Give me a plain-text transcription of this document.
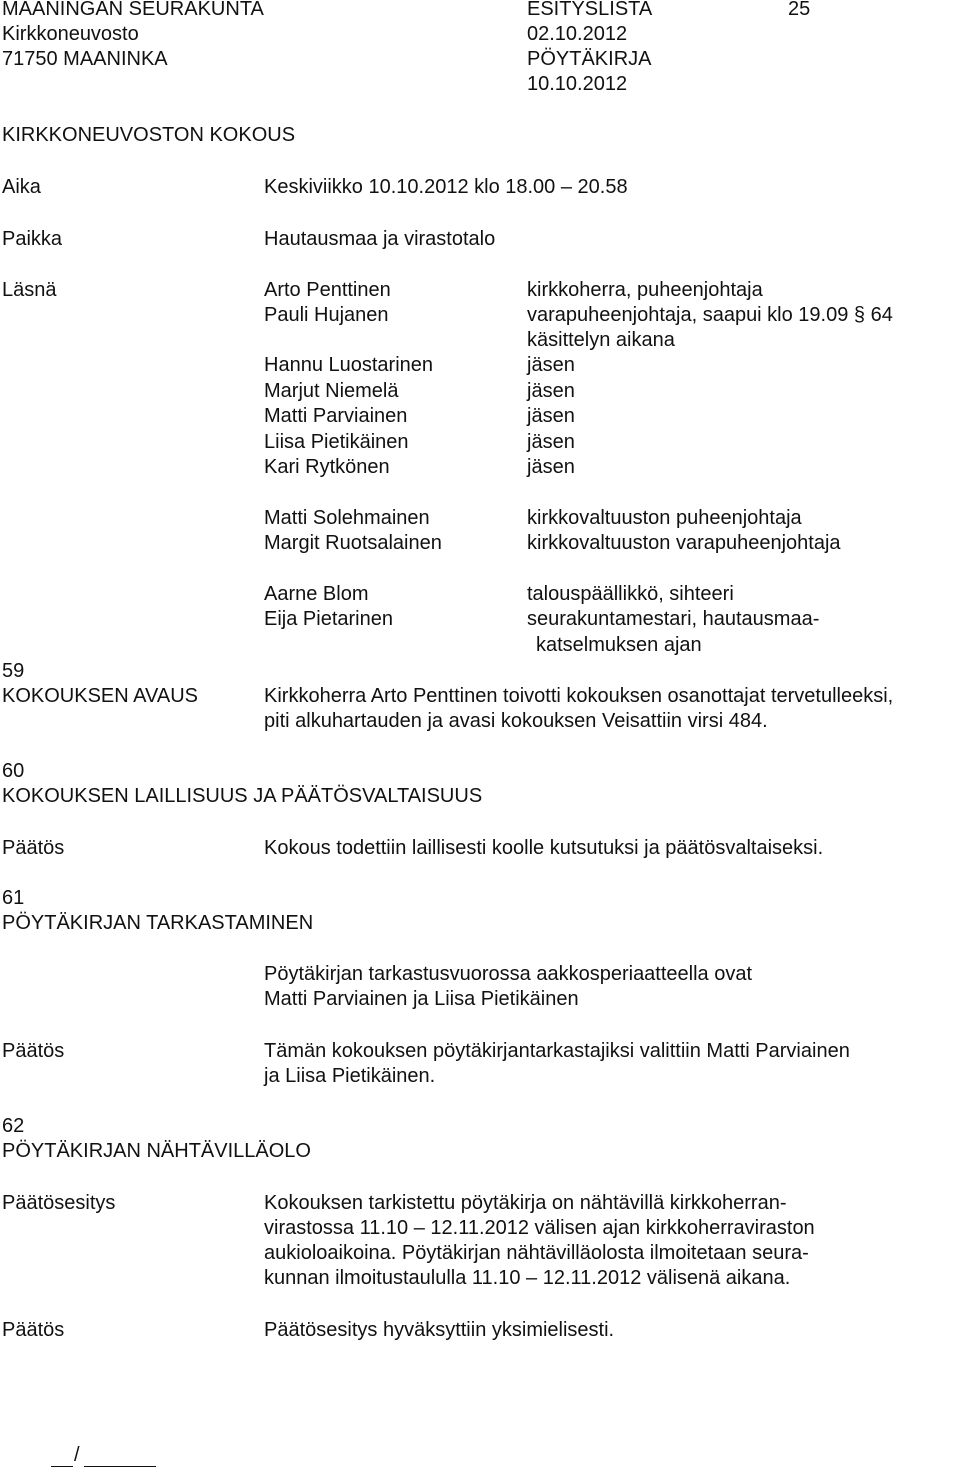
MAANINGAN SEURAKUNTA
Kirkkoneuvosto
71750 MAANINKA
ESITYSLISTA
02.10.2012
PÖYTÄKIRJA
10.10.2012
25
KIRKKONEUVOSTON KOKOUS
Aika	Keskiviikko 10.10.2012 klo 18.00 – 20.58
Paikka	Hautausmaa ja virastotalo
Läsnä	Arto Penttinen	kirkkoherra, puheenjohtaja
Pauli Hujanen	varapuheenjohtaja, saapui klo 19.09 § 64
käsittelyn aikana
Hannu Luostarinen	jäsen
Marjut Niemelä	jäsen
Matti Parviainen	jäsen
Liisa Pietikäinen	jäsen
Kari Rytkönen	jäsen
Matti Solehmainen	kirkkovaltuuston puheenjohtaja
Margit Ruotsalainen	kirkkovaltuuston varapuheenjohtaja
Aarne Blom	talouspäällikkö, sihteeri
Eija Pietarinen	seurakuntamestari, hautausmaa-
katselmuksen ajan
59
KOKOUKSEN AVAUS	Kirkkoherra Arto Penttinen toivotti kokouksen osanottajat tervetulleeksi,
piti alkuhartauden ja avasi kokouksen Veisattiin virsi 484.
60
KOKOUKSEN LAILLISUUS JA PÄÄTÖSVALTAISUUS
Päätös	Kokous todettiin laillisesti koolle kutsutuksi ja päätösvaltaiseksi.
61
PÖYTÄKIRJAN TARKASTAMINEN
Pöytäkirjan tarkastusvuorossa aakkosperiaatteella ovat
Matti Parviainen ja Liisa Pietikäinen
Päätös	Tämän kokouksen pöytäkirjantarkastajiksi valittiin Matti Parviainen
ja Liisa Pietikäinen.
62
PÖYTÄKIRJAN NÄHTÄVILLÄOLO
Päätösesitys	Kokouksen tarkistettu pöytäkirja on nähtävillä kirkkoherran-
virastossa 11.10 – 12.11.2012 välisen ajan kirkkoherraviraston
aukioloaikoina. Pöytäkirjan nähtävilläolosta ilmoitetaan seura-
kunnan ilmoitustaululla 11.10 – 12.11.2012 välisenä aikana.
Päätös	Päätösesitys hyväksyttiin yksimielisesti.
/
